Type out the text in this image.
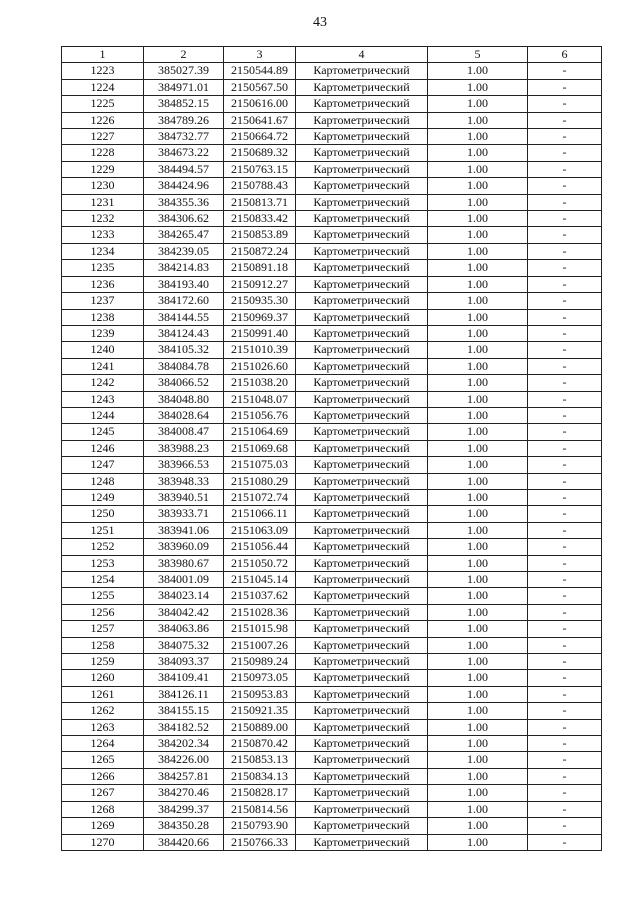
43
1	2	3	4	5	6
1223	385027.39	2150544.89	Картометрический	1.00	-
1224	384971.01	2150567.50	Картометрический	1.00	-
1225	384852.15	2150616.00	Картометрический	1.00	-
1226	384789.26	2150641.67	Картометрический	1.00	-
1227	384732.77	2150664.72	Картометрический	1.00	-
1228	384673.22	2150689.32	Картометрический	1.00	-
1229	384494.57	2150763.15	Картометрический	1.00	-
1230	384424.96	2150788.43	Картометрический	1.00	-
1231	384355.36	2150813.71	Картометрический	1.00	-
1232	384306.62	2150833.42	Картометрический	1.00	-
1233	384265.47	2150853.89	Картометрический	1.00	-
1234	384239.05	2150872.24	Картометрический	1.00	-
1235	384214.83	2150891.18	Картометрический	1.00	-
1236	384193.40	2150912.27	Картометрический	1.00	-
1237	384172.60	2150935.30	Картометрический	1.00	-
1238	384144.55	2150969.37	Картометрический	1.00	-
1239	384124.43	2150991.40	Картометрический	1.00	-
1240	384105.32	2151010.39	Картометрический	1.00	-
1241	384084.78	2151026.60	Картометрический	1.00	-
1242	384066.52	2151038.20	Картометрический	1.00	-
1243	384048.80	2151048.07	Картометрический	1.00	-
1244	384028.64	2151056.76	Картометрический	1.00	-
1245	384008.47	2151064.69	Картометрический	1.00	-
1246	383988.23	2151069.68	Картометрический	1.00	-
1247	383966.53	2151075.03	Картометрический	1.00	-
1248	383948.33	2151080.29	Картометрический	1.00	-
1249	383940.51	2151072.74	Картометрический	1.00	-
1250	383933.71	2151066.11	Картометрический	1.00	-
1251	383941.06	2151063.09	Картометрический	1.00	-
1252	383960.09	2151056.44	Картометрический	1.00	-
1253	383980.67	2151050.72	Картометрический	1.00	-
1254	384001.09	2151045.14	Картометрический	1.00	-
1255	384023.14	2151037.62	Картометрический	1.00	-
1256	384042.42	2151028.36	Картометрический	1.00	-
1257	384063.86	2151015.98	Картометрический	1.00	-
1258	384075.32	2151007.26	Картометрический	1.00	-
1259	384093.37	2150989.24	Картометрический	1.00	-
1260	384109.41	2150973.05	Картометрический	1.00	-
1261	384126.11	2150953.83	Картометрический	1.00	-
1262	384155.15	2150921.35	Картометрический	1.00	-
1263	384182.52	2150889.00	Картометрический	1.00	-
1264	384202.34	2150870.42	Картометрический	1.00	-
1265	384226.00	2150853.13	Картометрический	1.00	-
1266	384257.81	2150834.13	Картометрический	1.00	-
1267	384270.46	2150828.17	Картометрический	1.00	-
1268	384299.37	2150814.56	Картометрический	1.00	-
1269	384350.28	2150793.90	Картометрический	1.00	-
1270	384420.66	2150766.33	Картометрический	1.00	-
